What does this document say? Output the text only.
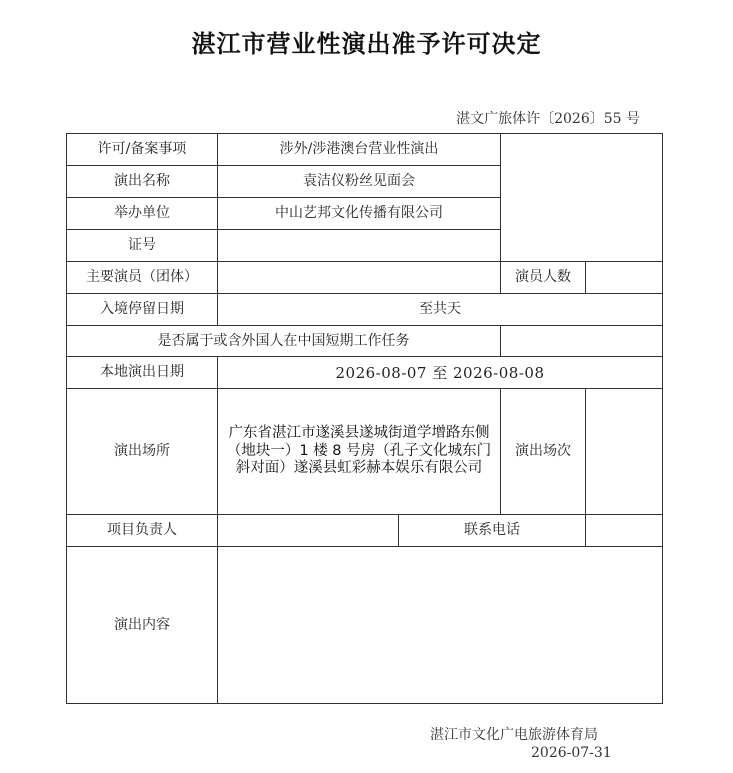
湛江市营业性演出准予许可决定
湛文广旅体许〔2026〕55 号
许可/备案事项	涉外/涉港澳台营业性演出			
演出名称	袁洁仪粉丝见面会			
举办单位	中山艺邦文化传播有限公司			
证号				
主要演员（团体）			演员人数	
入境停留日期	至共天			
是否属于或含外国人在中国短期工作任务				
本地演出日期	2026-08-07 至 2026-08-08			
演出场所	广东省湛江市遂溪县遂城街道学增路东侧（地块一）1 楼 8 号房（孔子文化城东门斜对面）遂溪县虹彩赫本娱乐有限公司		演出场次	
项目负责人		联系电话		
演出内容				
湛江市文化广电旅游体育局
2026-07-31
